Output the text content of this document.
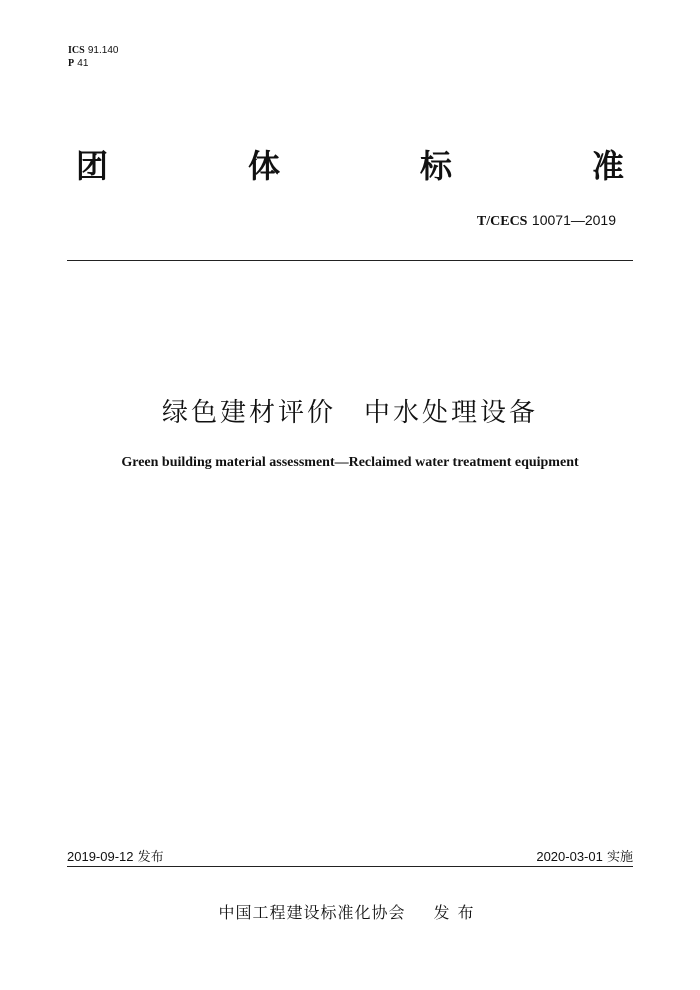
ICS 91.140
P 41
团	体	标	准
T/CECS 10071—2019
绿色建材评价 中水处理设备
Green building material assessment—Reclaimed water treatment equipment
2019-09-12 发布	2020-03-01 实施
中国工程建设标准化协会 发布
